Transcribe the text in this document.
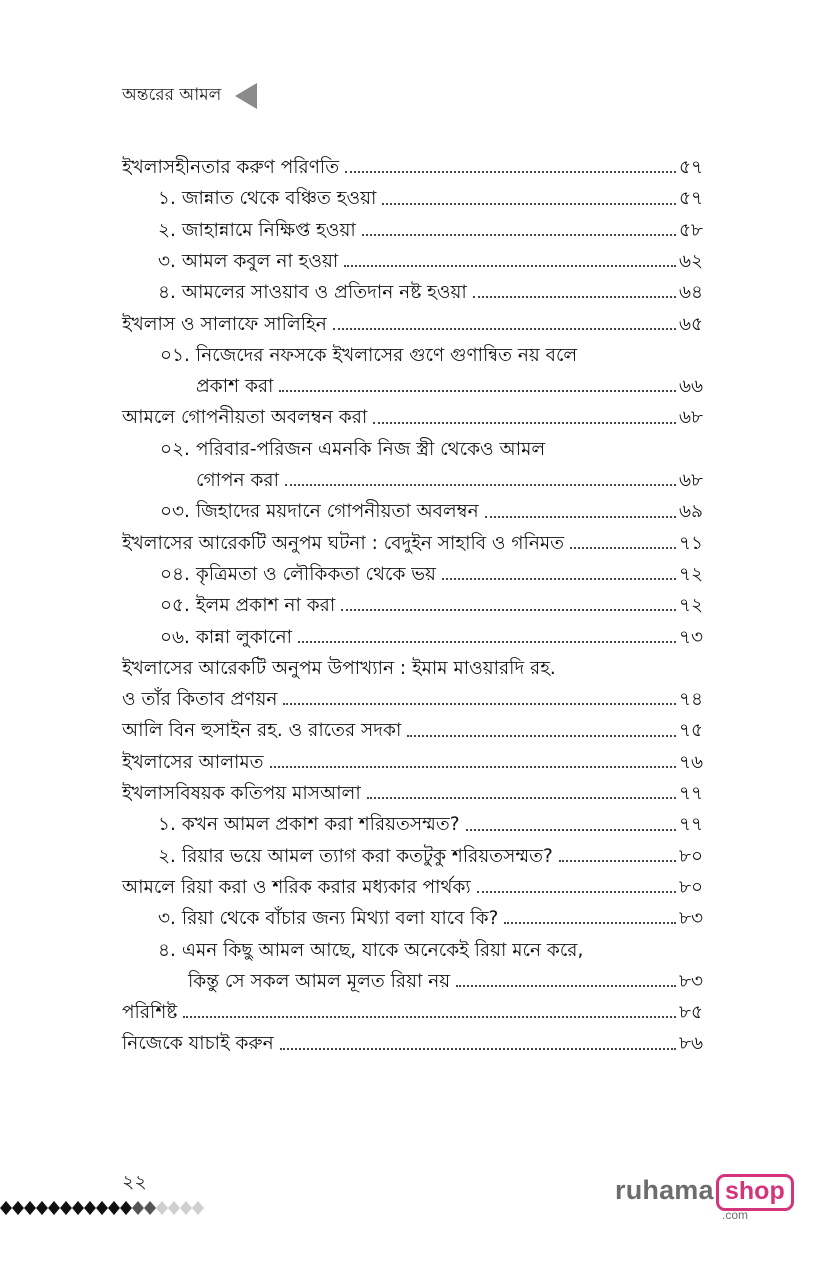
অন্তরের আমল
ইখলাসহীনতার করুণ পরিণতি	৫৭
১. জান্নাত থেকে বঞ্চিত হওয়া	৫৭
২. জাহান্নামে নিক্ষিপ্ত হওয়া	৫৮
৩. আমল কবুল না হওয়া	৬২
৪. আমলের সাওয়াব ও প্রতিদান নষ্ট হওয়া	৬৪
ইখলাস ও সালাফে সালিহিন	৬৫
০১. নিজেদের নফসকে ইখলাসের গুণে গুণান্বিত নয় বলে
প্রকাশ করা	৬৬
আমলে গোপনীয়তা অবলম্বন করা	৬৮
০২. পরিবার-পরিজন এমনকি নিজ স্ত্রী থেকেও আমল
গোপন করা	৬৮
০৩. জিহাদের ময়দানে গোপনীয়তা অবলম্বন	৬৯
ইখলাসের আরেকটি অনুপম ঘটনা : বেদুইন সাহাবি ও গনিমত	৭১
০৪. কৃত্রিমতা ও লৌকিকতা থেকে ভয়	৭২
০৫. ইলম প্রকাশ না করা	৭২
০৬. কান্না লুকানো	৭৩
ইখলাসের আরেকটি অনুপম উপাখ্যান : ইমাম মাওয়ারদি রহ.
ও তাঁর কিতাব প্রণয়ন	৭৪
আলি বিন হুসাইন রহ. ও রাতের সদকা	৭৫
ইখলাসের আলামত	৭৬
ইখলাসবিষয়ক কতিপয় মাসআলা	৭৭
১. কখন আমল প্রকাশ করা শরিয়তসম্মত?	৭৭
২. রিয়ার ভয়ে আমল ত্যাগ করা কতটুকু শরিয়তসম্মত?	৮০
আমলে রিয়া করা ও শরিক করার মধ্যকার পার্থক্য	৮০
৩. রিয়া থেকে বাঁচার জন্য মিথ্যা বলা যাবে কি?	৮৩
৪. এমন কিছু আমল আছে, যাকে অনেকেই রিয়া মনে করে,
কিন্তু সে সকল আমল মূলত রিয়া নয়	৮৩
পরিশিষ্ট	৮৫
নিজেকে যাচাই করুন	৮৬
২২	ruhama shop
.com
